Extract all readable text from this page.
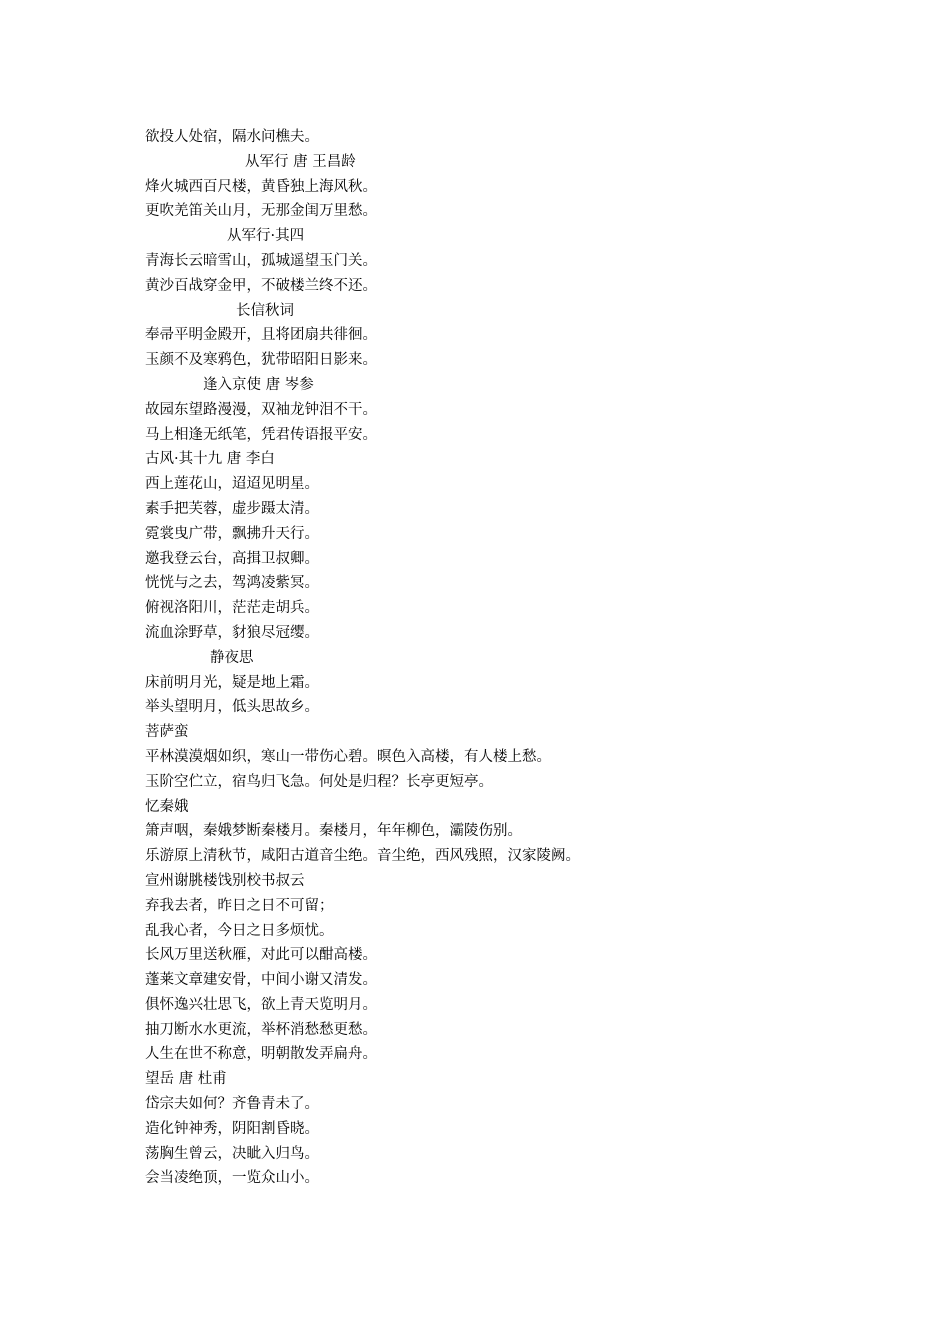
欲投人处宿，隔水问樵夫。
从军行 唐 王昌龄
烽火城西百尺楼，黄昏独上海风秋。
更吹羌笛关山月，无那金闺万里愁。
从军行·其四
青海长云暗雪山，孤城遥望玉门关。
黄沙百战穿金甲，不破楼兰终不还。
长信秋词
奉帚平明金殿开，且将团扇共徘徊。
玉颜不及寒鸦色，犹带昭阳日影来。
逢入京使 唐 岑参
故园东望路漫漫，双袖龙钟泪不干。
马上相逢无纸笔，凭君传语报平安。
古风·其十九 唐 李白
西上莲花山，迢迢见明星。
素手把芙蓉，虚步蹑太清。
霓裳曳广带，飘拂升天行。
邀我登云台，高揖卫叔卿。
恍恍与之去，驾鸿凌紫冥。
俯视洛阳川，茫茫走胡兵。
流血涂野草，豺狼尽冠缨。
静夜思
床前明月光，疑是地上霜。
举头望明月，低头思故乡。
菩萨蛮
平林漠漠烟如织，寒山一带伤心碧。暝色入高楼，有人楼上愁。
玉阶空伫立，宿鸟归飞急。何处是归程？长亭更短亭。
忆秦娥
箫声咽，秦娥梦断秦楼月。秦楼月，年年柳色，灞陵伤别。
乐游原上清秋节，咸阳古道音尘绝。音尘绝，西风残照，汉家陵阙。
宣州谢朓楼饯别校书叔云
弃我去者，昨日之日不可留；
乱我心者，今日之日多烦忧。
长风万里送秋雁，对此可以酣高楼。
蓬莱文章建安骨，中间小谢又清发。
俱怀逸兴壮思飞，欲上青天览明月。
抽刀断水水更流，举杯消愁愁更愁。
人生在世不称意，明朝散发弄扁舟。
望岳 唐 杜甫
岱宗夫如何？齐鲁青未了。
造化钟神秀，阴阳割昏晓。
荡胸生曾云，决眦入归鸟。
会当凌绝顶，一览众山小。
